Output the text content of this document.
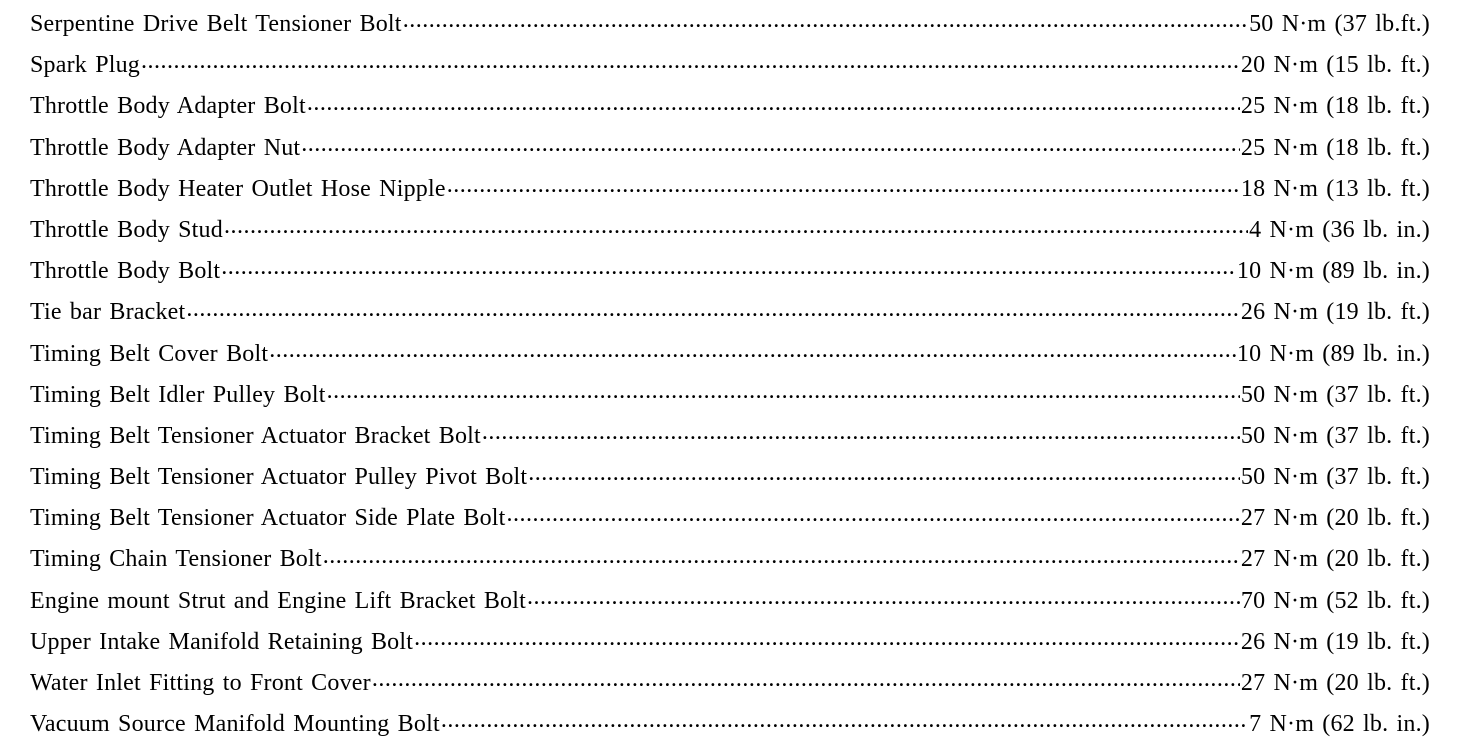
Serpentine Drive Belt Tensioner Bolt .....	50 N·m (37 lb.ft.)
Spark Plug .....	20 N·m (15 lb. ft.)
Throttle Body Adapter Bolt .....	25 N·m (18 lb. ft.)
Throttle Body Adapter Nut .....	25 N·m (18 lb. ft.)
Throttle Body Heater Outlet Hose Nipple .....	18 N·m (13 lb. ft.)
Throttle Body Stud .....	4 N·m (36 lb. in.)
Throttle Body Bolt .....	10 N·m (89 lb. in.)
Tie bar Bracket .....	26 N·m (19 lb. ft.)
Timing Belt Cover Bolt .....	10 N·m (89 lb. in.)
Timing Belt Idler Pulley Bolt .....	50 N·m (37 lb. ft.)
Timing Belt Tensioner Actuator Bracket Bolt .....	50 N·m (37 lb. ft.)
Timing Belt Tensioner Actuator Pulley Pivot Bolt .....	50 N·m (37 lb. ft.)
Timing Belt Tensioner Actuator Side Plate Bolt .....	27 N·m (20 lb. ft.)
Timing Chain Tensioner Bolt .....	27 N·m (20 lb. ft.)
Engine mount Strut and Engine Lift Bracket Bolt .....	70 N·m (52 lb. ft.)
Upper Intake Manifold Retaining Bolt .....	26 N·m (19 lb. ft.)
Water Inlet Fitting to Front Cover .....	27 N·m (20 lb. ft.)
Vacuum Source Manifold Mounting Bolt .....	7 N·m (62 lb. in.)
